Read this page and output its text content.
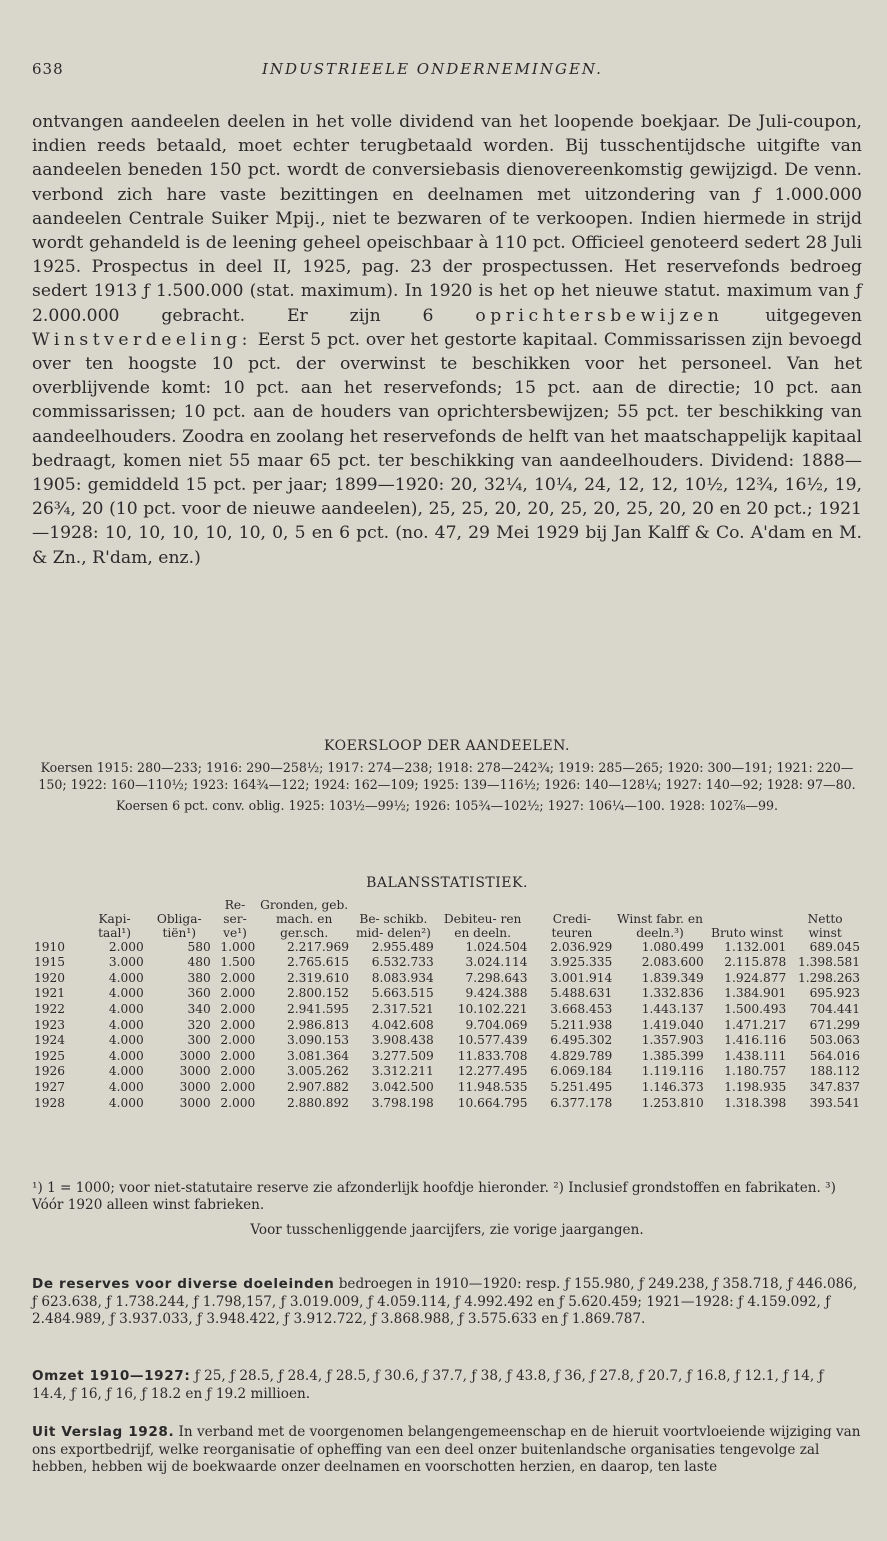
638	INDUSTRIEELE ONDERNEMINGEN.

ontvangen aandeelen deelen in het volle dividend van het loopende boekjaar. De Juli-coupon, indien reeds betaald, moet echter terugbetaald worden. Bij tusschentijdsche uitgifte van aandeelen beneden 150 pct. wordt de conversiebasis dienovereenkomstig gewijzigd. De venn. verbond zich hare vaste bezittingen en deelnamen met uitzondering van ƒ 1.000.000 aandeelen Centrale Suiker Mpij., niet te bezwaren of te verkoopen. Indien hiermede in strijd wordt gehandeld is de leening geheel opeischbaar à 110 pct. Officieel genoteerd sedert 28 Juli 1925. Prospectus in deel II, 1925, pag. 23 der prospectussen. Het reservefonds bedroeg sedert 1913 ƒ 1.500.000 (stat. maximum). In 1920 is het op het nieuwe statut. maximum van ƒ 2.000.000 gebracht. Er zijn 6 oprichtersbewijzen uitgegeven Winstverdeeling: Eerst 5 pct. over het gestorte kapitaal. Commissarissen zijn bevoegd over ten hoogste 10 pct. der overwinst te beschikken voor het personeel. Van het overblijvende komt: 10 pct. aan het reservefonds; 15 pct. aan de directie; 10 pct. aan commissarissen; 10 pct. aan de houders van oprichtersbewijzen; 55 pct. ter beschikking van aandeelhouders. Zoodra en zoolang het reservefonds de helft van het maatschappelijk kapitaal bedraagt, komen niet 55 maar 65 pct. ter beschikking van aandeelhouders. Dividend: 1888—1905: gemiddeld 15 pct. per jaar; 1899—1920: 20, 32¼, 10¼, 24, 12, 12, 10½, 12¾, 16½, 19, 26¾, 20 (10 pct. voor de nieuwe aandeelen), 25, 25, 20, 20, 25, 20, 25, 20, 20 en 20 pct.; 1921—1928: 10, 10, 10, 10, 10, 0, 5 en 6 pct. (no. 47, 29 Mei 1929 bij Jan Kalff & Co. A'dam en M. & Zn., R'dam, enz.)

KOERSLOOP DER AANDEELEN.

Koersen 1915: 280—233; 1916: 290—258½; 1917: 274—238; 1918: 278—242¾; 1919: 285—265; 1920: 300—191; 1921: 220—150; 1922: 160—110½; 1923: 164¾—122; 1924: 162—109; 1925: 139—116½; 1926: 140—128¼; 1927: 140—92; 1928: 97—80.

Koersen 6 pct. conv. oblig. 1925: 103½—99½; 1926: 105¾—102½; 1927: 106¼—100. 1928: 102⅞—99.

BALANSSTATISTIEK.
	Kapi- taal¹)	Obliga- tiën¹)	Re- ser- ve¹)	Gronden, geb. mach. en ger.sch.	Be- schikb. mid- delen²)	Debiteu- ren en deeln.	Credi- teuren	Winst fabr. en deeln.³)	Bruto winst	Netto winst
1910	2.000	580	1.000	2.217.969	2.955.489	1.024.504	2.036.929	1.080.499	1.132.001	689.045
1915	3.000	480	1.500	2.765.615	6.532.733	3.024.114	3.925.335	2.083.600	2.115.878	1.398.581
1920	4.000	380	2.000	2.319.610	8.083.934	7.298.643	3.001.914	1.839.349	1.924.877	1.298.263
1921	4.000	360	2.000	2.800.152	5.663.515	9.424.388	5.488.631	1.332.836	1.384.901	695.923
1922	4.000	340	2.000	2.941.595	2.317.521	10.102.221	3.668.453	1.443.137	1.500.493	704.441
1923	4.000	320	2.000	2.986.813	4.042.608	9.704.069	5.211.938	1.419.040	1.471.217	671.299
1924	4.000	300	2.000	3.090.153	3.908.438	10.577.439	6.495.302	1.357.903	1.416.116	503.063
1925	4.000	3000	2.000	3.081.364	3.277.509	11.833.708	4.829.789	1.385.399	1.438.111	564.016
1926	4.000	3000	2.000	3.005.262	3.312.211	12.277.495	6.069.184	1.119.116	1.180.757	188.112
1927	4.000	3000	2.000	2.907.882	3.042.500	11.948.535	5.251.495	1.146.373	1.198.935	347.837
1928	4.000	3000	2.000	2.880.892	3.798.198	10.664.795	6.377.178	1.253.810	1.318.398	393.541

¹) 1 = 1000; voor niet-statutaire reserve zie afzonderlijk hoofdje hieronder. ²) Inclusief grondstoffen en fabrikaten. ³) Vóór 1920 alleen winst fabrieken.

Voor tusschenliggende jaarcijfers, zie vorige jaargangen.

De reserves voor diverse doeleinden bedroegen in 1910—1920: resp. ƒ 155.980, ƒ 249.238, ƒ 358.718, ƒ 446.086, ƒ 623.638, ƒ 1.738.244, ƒ 1.798,157, ƒ 3.019.009, ƒ 4.059.114, ƒ 4.992.492 en ƒ 5.620.459; 1921—1928: ƒ 4.159.092, ƒ 2.484.989, ƒ 3.937.033, ƒ 3.948.422, ƒ 3.912.722, ƒ 3.868.988, ƒ 3.575.633 en ƒ 1.869.787.

Omzet 1910—1927: ƒ 25, ƒ 28.5, ƒ 28.4, ƒ 28.5, ƒ 30.6, ƒ 37.7, ƒ 38, ƒ 43.8, ƒ 36, ƒ 27.8, ƒ 20.7, ƒ 16.8, ƒ 12.1, ƒ 14, ƒ 14.4, ƒ 16, ƒ 16, ƒ 18.2 en ƒ 19.2 millioen.

Uit Verslag 1928. In verband met de voorgenomen belangengemeenschap en de hieruit voortvloeiende wijziging van ons exportbedrijf, welke reorganisatie of opheffing van een deel onzer buitenlandsche organisaties tengevolge zal hebben, hebben wij de boekwaarde onzer deelnamen en voorschotten herzien, en daarop, ten laste
